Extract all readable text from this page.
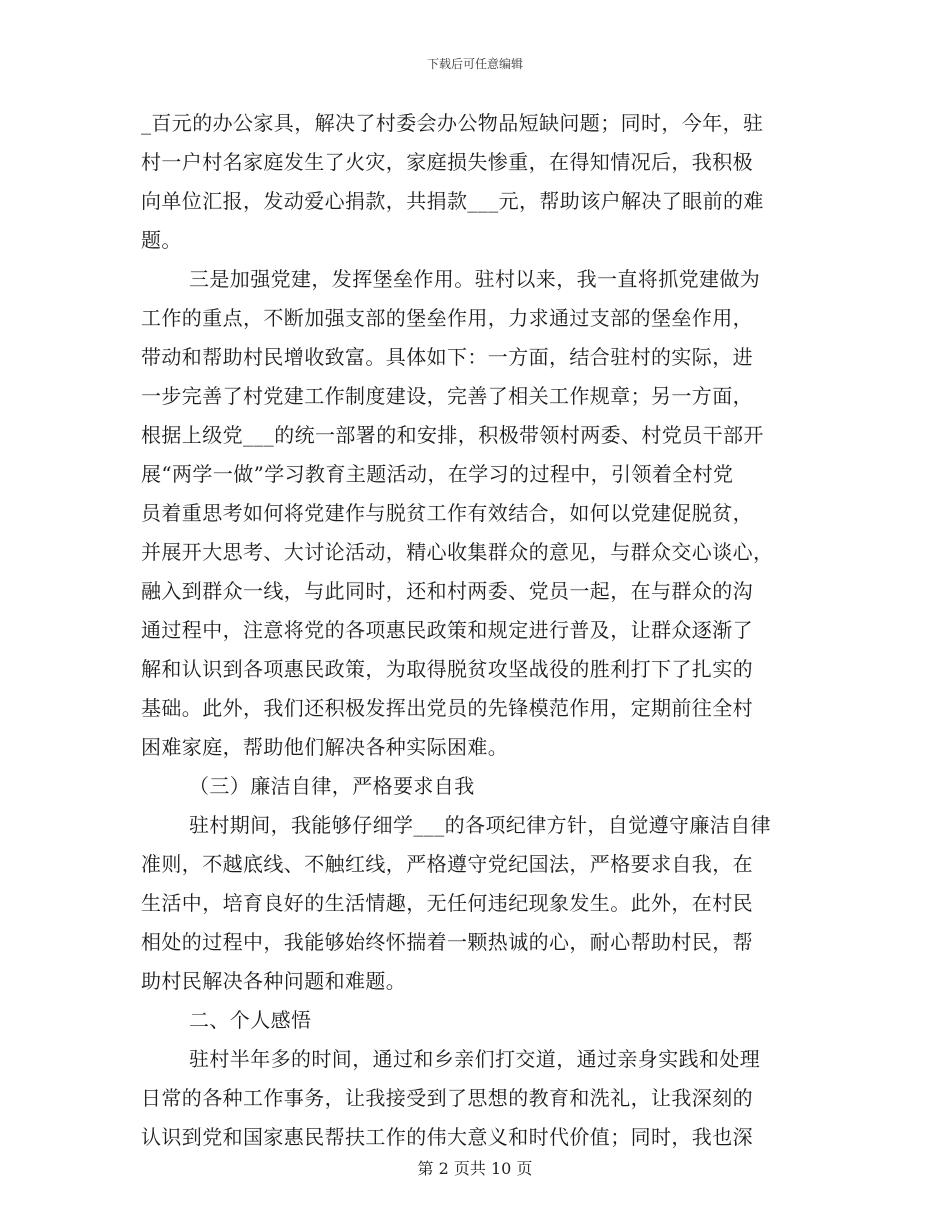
下载后可任意编辑
_百元的办公家具，解决了村委会办公物品短缺问题；同时，今年，驻
村一户村名家庭发生了火灾，家庭损失惨重，在得知情况后，我积极
向单位汇报，发动爱心捐款，共捐款___元，帮助该户解决了眼前的难
题。
三是加强党建，发挥堡垒作用。驻村以来，我一直将抓党建做为
工作的重点，不断加强支部的堡垒作用，力求通过支部的堡垒作用，
带动和帮助村民增收致富。具体如下：一方面，结合驻村的实际，进
一步完善了村党建工作制度建设，完善了相关工作规章；另一方面，
根据上级党___的统一部署的和安排，积极带领村两委、村党员干部开
展“两学一做”学习教育主题活动，在学习的过程中，引领着全村党
员着重思考如何将党建作与脱贫工作有效结合，如何以党建促脱贫，
并展开大思考、大讨论活动，精心收集群众的意见，与群众交心谈心，
融入到群众一线，与此同时，还和村两委、党员一起，在与群众的沟
通过程中，注意将党的各项惠民政策和规定进行普及，让群众逐渐了
解和认识到各项惠民政策，为取得脱贫攻坚战役的胜利打下了扎实的
基础。此外，我们还积极发挥出党员的先锋模范作用，定期前往全村
困难家庭，帮助他们解决各种实际困难。
（三）廉洁自律，严格要求自我
驻村期间，我能够仔细学___的各项纪律方针，自觉遵守廉洁自律
准则，不越底线、不触红线，严格遵守党纪国法，严格要求自我，在
生活中，培育良好的生活情趣，无任何违纪现象发生。此外，在村民
相处的过程中，我能够始终怀揣着一颗热诚的心，耐心帮助村民，帮
助村民解决各种问题和难题。
二、个人感悟
驻村半年多的时间，通过和乡亲们打交道，通过亲身实践和处理
日常的各种工作事务，让我接受到了思想的教育和洗礼，让我深刻的
认识到党和国家惠民帮扶工作的伟大意义和时代价值；同时，我也深
第 2 页共 10 页
